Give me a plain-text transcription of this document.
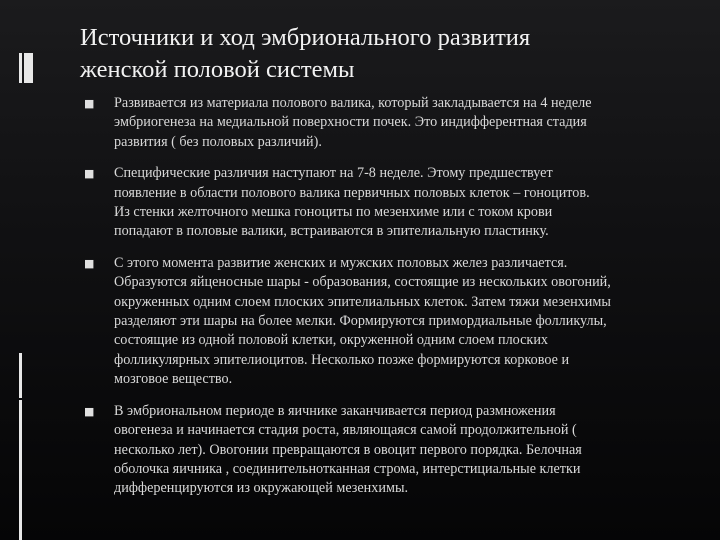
Источники и ход эмбрионального развития
женской половой системы
■ Развивается из материала полового валика, который закладывается на 4 неделе
эмбриогенеза на медиальной поверхности почек. Это индифферентная стадия
развития ( без половых различий).
■ Специфические различия наступают на 7-8 неделе. Этому предшествует
появление в области полового валика первичных половых клеток – гоноцитов.
Из стенки желточного мешка гоноциты по мезенхиме или с током крови
попадают в половые валики, встраиваются в эпителиальную пластинку.
■ С этого момента развитие женских и мужских половых желез различается.
Образуются яйценосные шары - образования, состоящие из нескольких овогоний,
окруженных одним слоем плоских эпителиальных клеток. Затем тяжи мезенхимы
разделяют эти шары на более мелки. Формируются примордиальные фолликулы,
состоящие из одной половой клетки, окруженной одним слоем плоских
фолликулярных эпителиоцитов. Несколько позже формируются корковое и
мозговое вещество.
■ В эмбриональном периоде в яичнике заканчивается период размножения
овогенеза и начинается стадия роста, являющаяся самой продолжительной (
несколько лет). Овогонии превращаются в овоцит первого порядка. Белочная
оболочка яичника , соединительнотканная строма, интерстициальные клетки
дифференцируются из окружающей мезенхимы.
